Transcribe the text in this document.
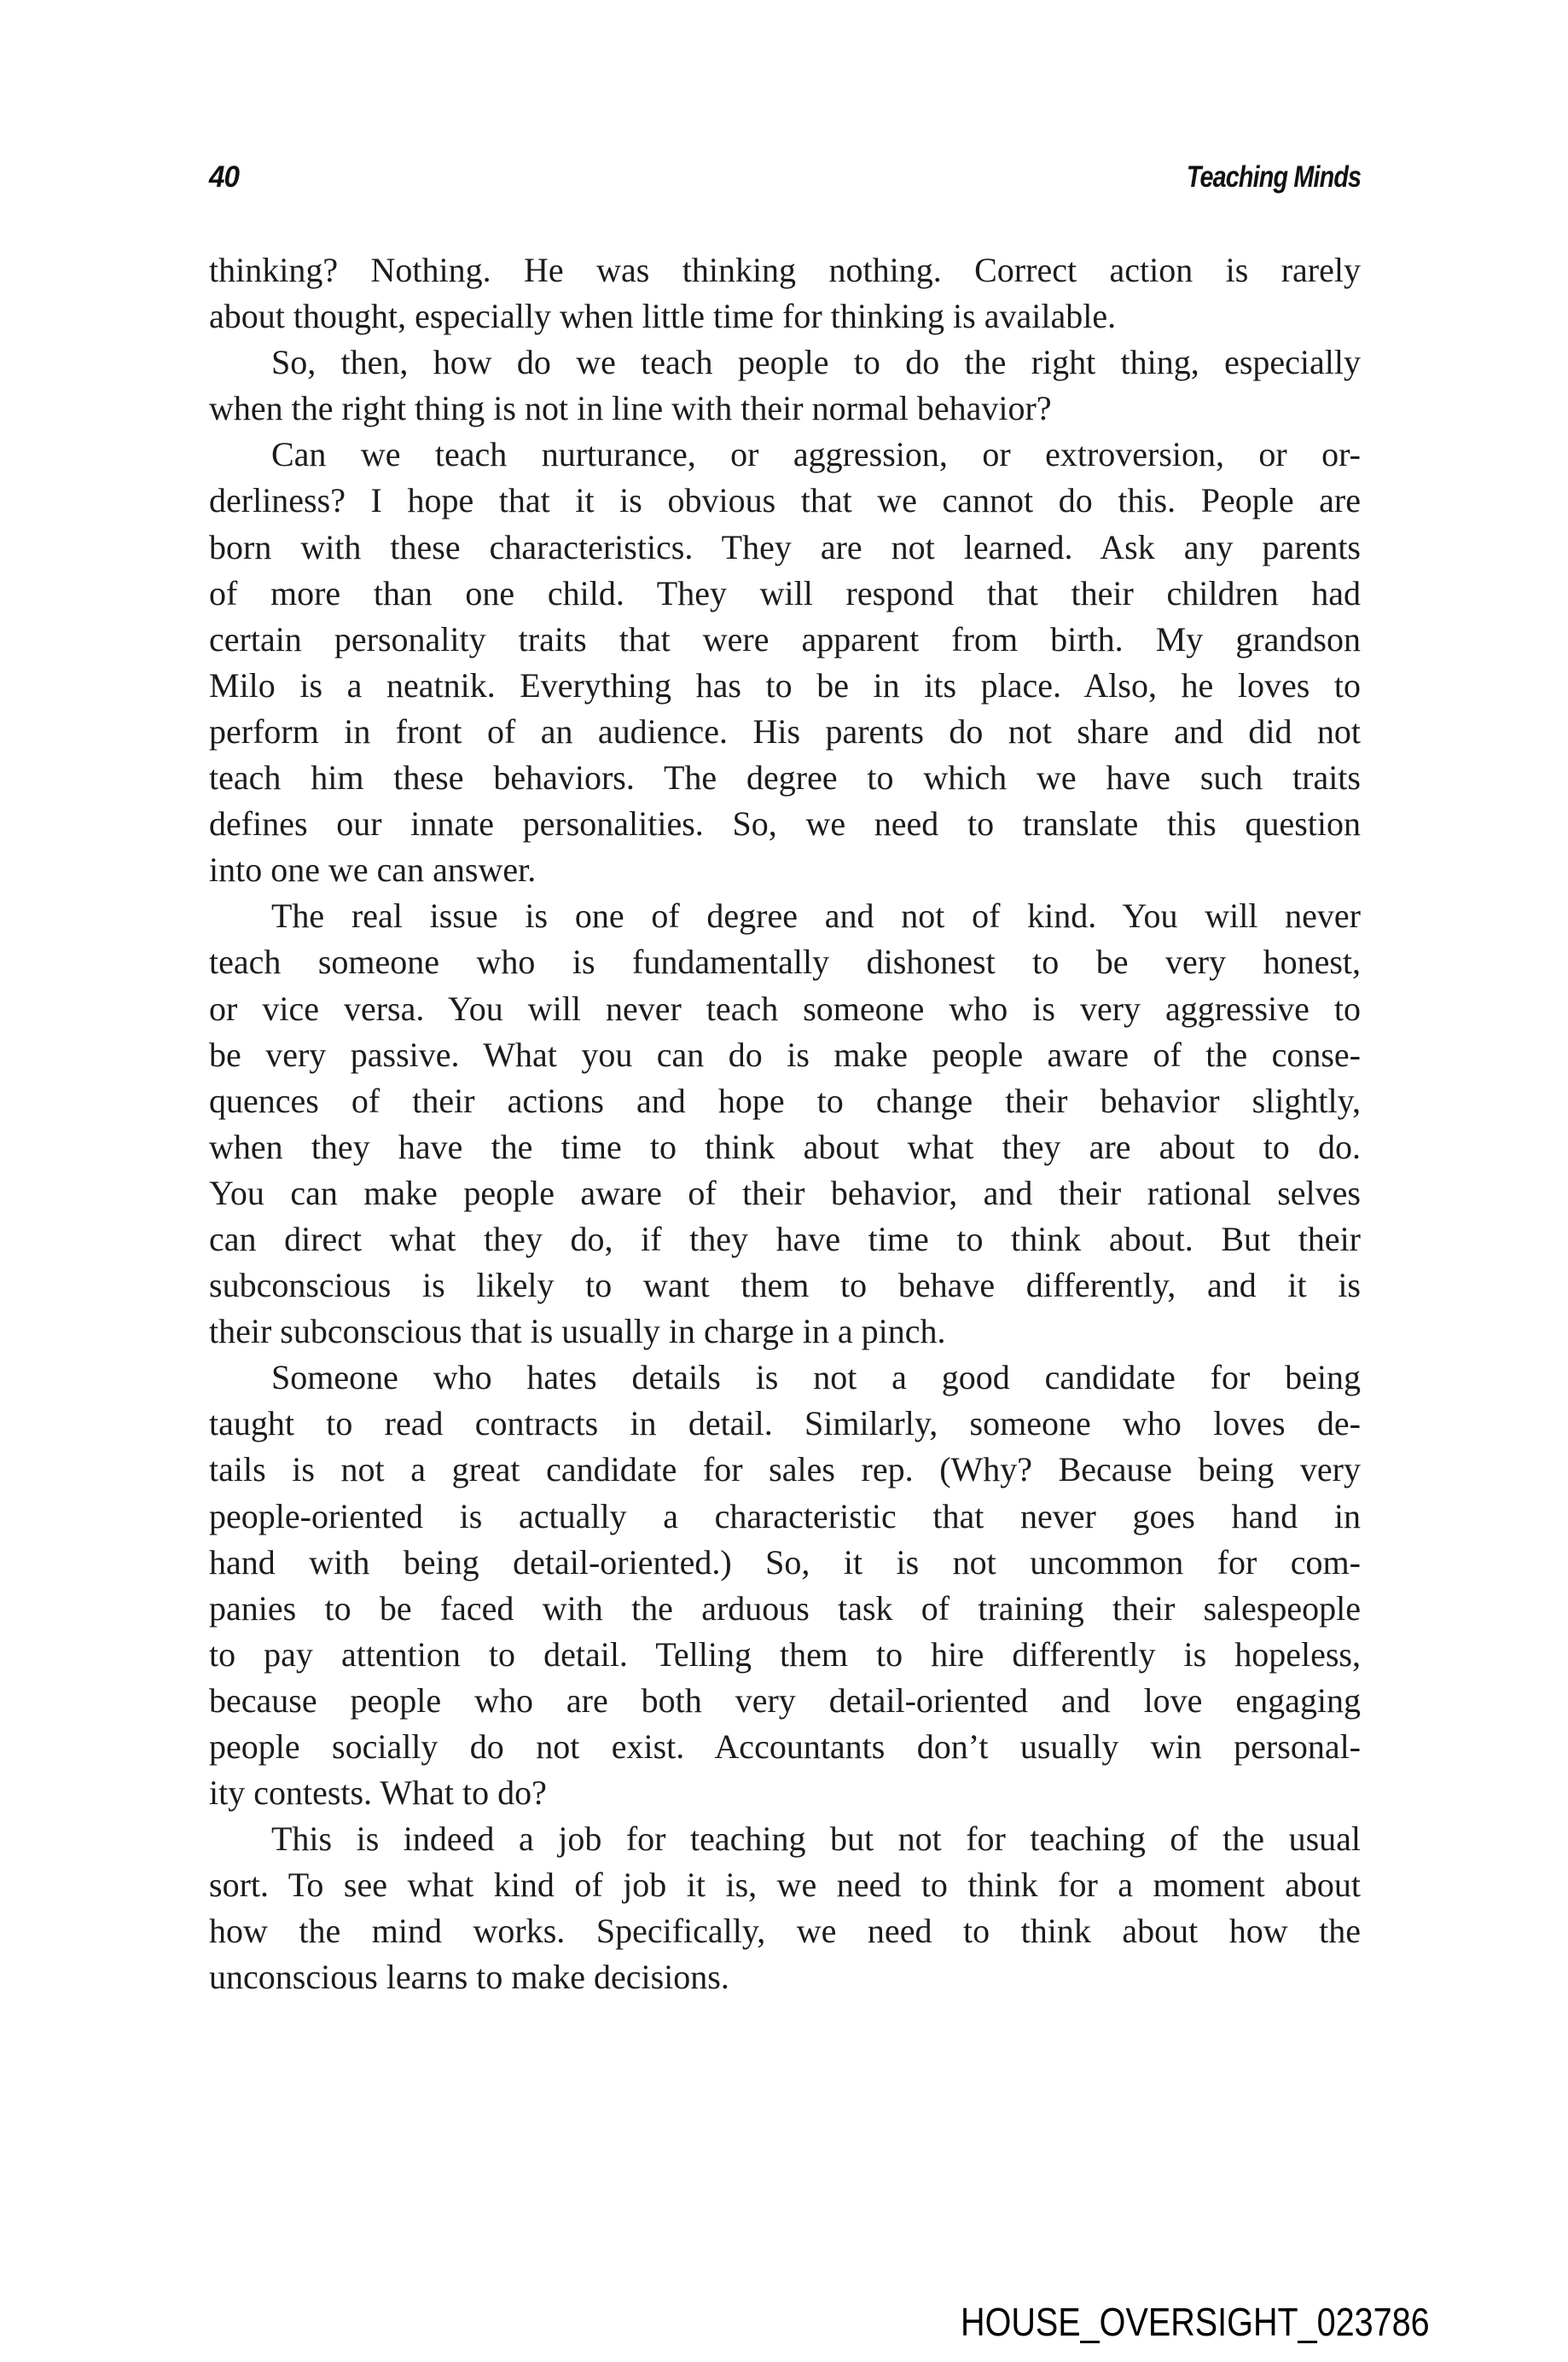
40	Teaching Minds
thinking? Nothing. He was thinking nothing. Correct action is rarely
about thought, especially when little time for thinking is available.
So, then, how do we teach people to do the right thing, especially
when the right thing is not in line with their normal behavior?
Can we teach nurturance, or aggression, or extroversion, or or-
derliness? I hope that it is obvious that we cannot do this. People are
born with these characteristics. They are not learned. Ask any parents
of more than one child. They will respond that their children had
certain personality traits that were apparent from birth. My grandson
Milo is a neatnik. Everything has to be in its place. Also, he loves to
perform in front of an audience. His parents do not share and did not
teach him these behaviors. The degree to which we have such traits
defines our innate personalities. So, we need to translate this question
into one we can answer.
The real issue is one of degree and not of kind. You will never
teach someone who is fundamentally dishonest to be very honest,
or vice versa. You will never teach someone who is very aggressive to
be very passive. What you can do is make people aware of the conse-
quences of their actions and hope to change their behavior slightly,
when they have the time to think about what they are about to do.
You can make people aware of their behavior, and their rational selves
can direct what they do, if they have time to think about. But their
subconscious is likely to want them to behave differently, and it is
their subconscious that is usually in charge in a pinch.
Someone who hates details is not a good candidate for being
taught to read contracts in detail. Similarly, someone who loves de-
tails is not a great candidate for sales rep. (Why? Because being very
people-oriented is actually a characteristic that never goes hand in
hand with being detail-oriented.) So, it is not uncommon for com-
panies to be faced with the arduous task of training their salespeople
to pay attention to detail. Telling them to hire differently is hopeless,
because people who are both very detail-oriented and love engaging
people socially do not exist. Accountants don’t usually win personal-
ity contests. What to do?
This is indeed a job for teaching but not for teaching of the usual
sort. To see what kind of job it is, we need to think for a moment about
how the mind works. Specifically, we need to think about how the
unconscious learns to make decisions.
HOUSE_OVERSIGHT_023786
